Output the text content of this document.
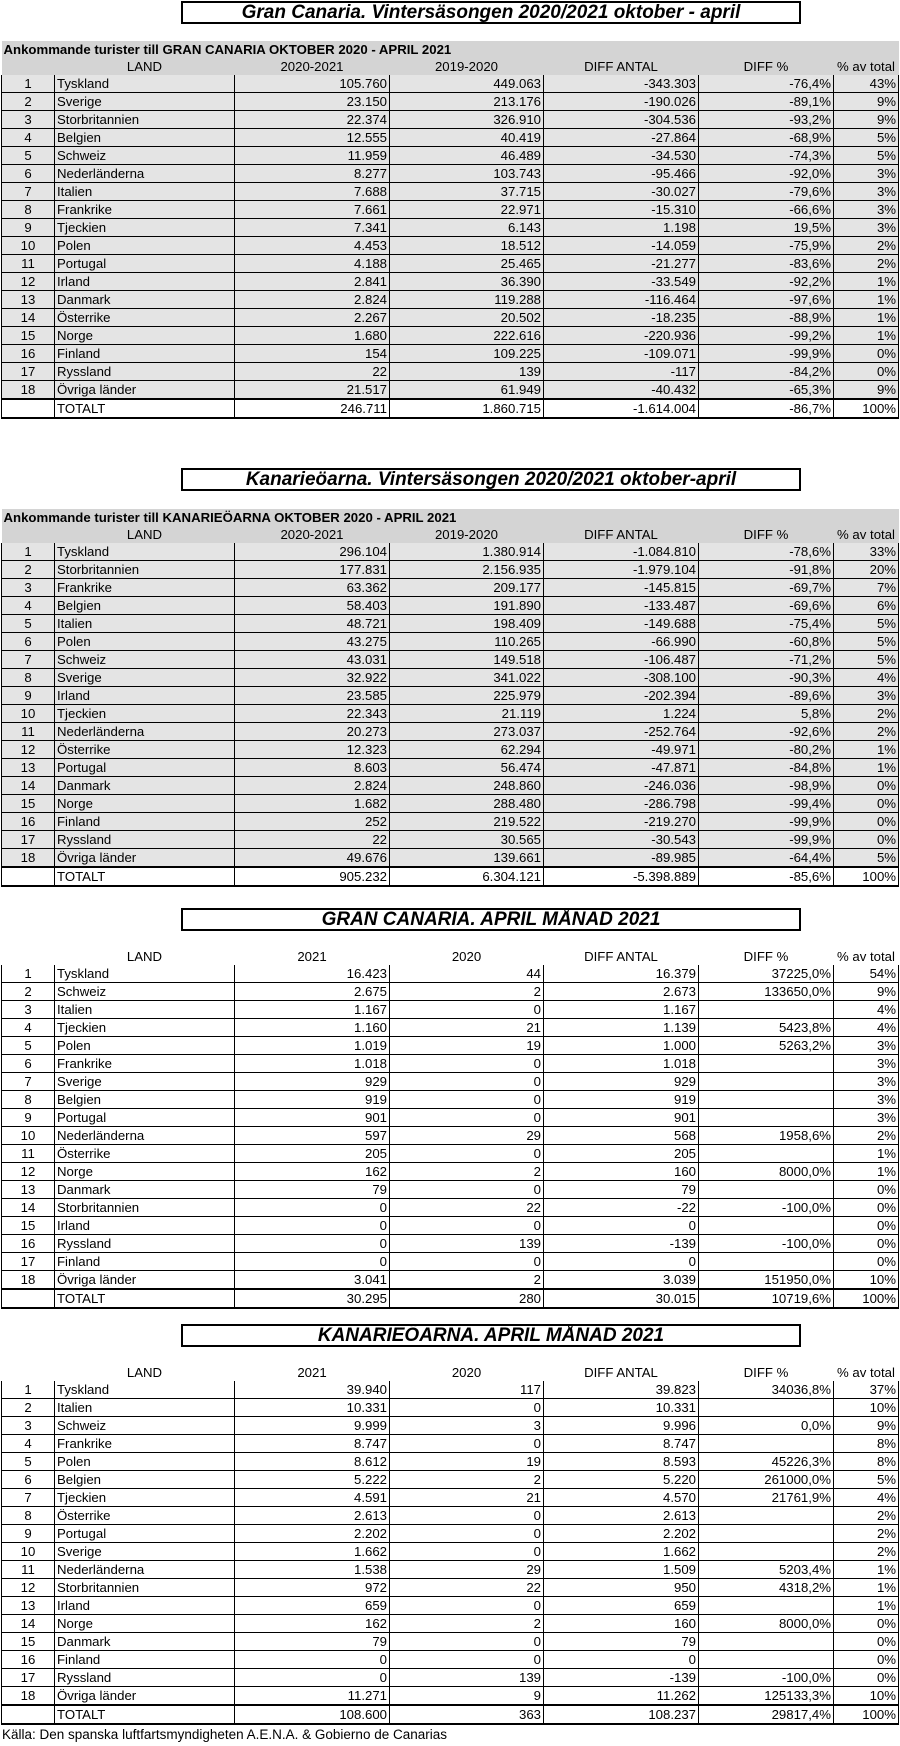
Gran Canaria. Vintersäsongen 2020/2021 oktober - april
Ankommande turister till GRAN CANARIA OKTOBER 2020 - APRIL 2021						
	LAND	2020-2021	2019-2020	DIFF ANTAL	DIFF %	% av total
1	Tyskland	105.760	449.063	-343.303	-76,4%	43%
2	Sverige	23.150	213.176	-190.026	-89,1%	9%
3	Storbritannien	22.374	326.910	-304.536	-93,2%	9%
4	Belgien	12.555	40.419	-27.864	-68,9%	5%
5	Schweiz	11.959	46.489	-34.530	-74,3%	5%
6	Nederländerna	8.277	103.743	-95.466	-92,0%	3%
7	Italien	7.688	37.715	-30.027	-79,6%	3%
8	Frankrike	7.661	22.971	-15.310	-66,6%	3%
9	Tjeckien	7.341	6.143	1.198	19,5%	3%
10	Polen	4.453	18.512	-14.059	-75,9%	2%
11	Portugal	4.188	25.465	-21.277	-83,6%	2%
12	Irland	2.841	36.390	-33.549	-92,2%	1%
13	Danmark	2.824	119.288	-116.464	-97,6%	1%
14	Österrike	2.267	20.502	-18.235	-88,9%	1%
15	Norge	1.680	222.616	-220.936	-99,2%	1%
16	Finland	154	109.225	-109.071	-99,9%	0%
17	Ryssland	22	139	-117	-84,2%	0%
18	Övriga länder	21.517	61.949	-40.432	-65,3%	9%
	TOTALT	246.711	1.860.715	-1.614.004	-86,7%	100%
Kanarieöarna. Vintersäsongen 2020/2021 oktober-april
Ankommande turister till KANARIEÖARNA OKTOBER 2020 - APRIL 2021						
	LAND	2020-2021	2019-2020	DIFF ANTAL	DIFF %	% av total
1	Tyskland	296.104	1.380.914	-1.084.810	-78,6%	33%
2	Storbritannien	177.831	2.156.935	-1.979.104	-91,8%	20%
3	Frankrike	63.362	209.177	-145.815	-69,7%	7%
4	Belgien	58.403	191.890	-133.487	-69,6%	6%
5	Italien	48.721	198.409	-149.688	-75,4%	5%
6	Polen	43.275	110.265	-66.990	-60,8%	5%
7	Schweiz	43.031	149.518	-106.487	-71,2%	5%
8	Sverige	32.922	341.022	-308.100	-90,3%	4%
9	Irland	23.585	225.979	-202.394	-89,6%	3%
10	Tjeckien	22.343	21.119	1.224	5,8%	2%
11	Nederländerna	20.273	273.037	-252.764	-92,6%	2%
12	Österrike	12.323	62.294	-49.971	-80,2%	1%
13	Portugal	8.603	56.474	-47.871	-84,8%	1%
14	Danmark	2.824	248.860	-246.036	-98,9%	0%
15	Norge	1.682	288.480	-286.798	-99,4%	0%
16	Finland	252	219.522	-219.270	-99,9%	0%
17	Ryssland	22	30.565	-30.543	-99,9%	0%
18	Övriga länder	49.676	139.661	-89.985	-64,4%	5%
	TOTALT	905.232	6.304.121	-5.398.889	-85,6%	100%
GRAN CANARIA. APRIL MÅNAD 2021
	LAND	2021	2020	DIFF ANTAL	DIFF %	% av total
1	Tyskland	16.423	44	16.379	37225,0%	54%
2	Schweiz	2.675	2	2.673	133650,0%	9%
3	Italien	1.167	0	1.167		4%
4	Tjeckien	1.160	21	1.139	5423,8%	4%
5	Polen	1.019	19	1.000	5263,2%	3%
6	Frankrike	1.018	0	1.018		3%
7	Sverige	929	0	929		3%
8	Belgien	919	0	919		3%
9	Portugal	901	0	901		3%
10	Nederländerna	597	29	568	1958,6%	2%
11	Österrike	205	0	205		1%
12	Norge	162	2	160	8000,0%	1%
13	Danmark	79	0	79		0%
14	Storbritannien	0	22	-22	-100,0%	0%
15	Irland	0	0	0		0%
16	Ryssland	0	139	-139	-100,0%	0%
17	Finland	0	0	0		0%
18	Övriga länder	3.041	2	3.039	151950,0%	10%
	TOTALT	30.295	280	30.015	10719,6%	100%
KANARIEÖARNA. APRIL MÅNAD 2021
	LAND	2021	2020	DIFF ANTAL	DIFF %	% av total
1	Tyskland	39.940	117	39.823	34036,8%	37%
2	Italien	10.331	0	10.331		10%
3	Schweiz	9.999	3	9.996	0,0%	9%
4	Frankrike	8.747	0	8.747		8%
5	Polen	8.612	19	8.593	45226,3%	8%
6	Belgien	5.222	2	5.220	261000,0%	5%
7	Tjeckien	4.591	21	4.570	21761,9%	4%
8	Österrike	2.613	0	2.613		2%
9	Portugal	2.202	0	2.202		2%
10	Sverige	1.662	0	1.662		2%
11	Nederländerna	1.538	29	1.509	5203,4%	1%
12	Storbritannien	972	22	950	4318,2%	1%
13	Irland	659	0	659		1%
14	Norge	162	2	160	8000,0%	0%
15	Danmark	79	0	79		0%
16	Finland	0	0	0		0%
17	Ryssland	0	139	-139	-100,0%	0%
18	Övriga länder	11.271	9	11.262	125133,3%	10%
	TOTALT	108.600	363	108.237	29817,4%	100%
Källa: Den spanska luftfartsmyndigheten A.E.N.A. & Gobierno de Canarias
